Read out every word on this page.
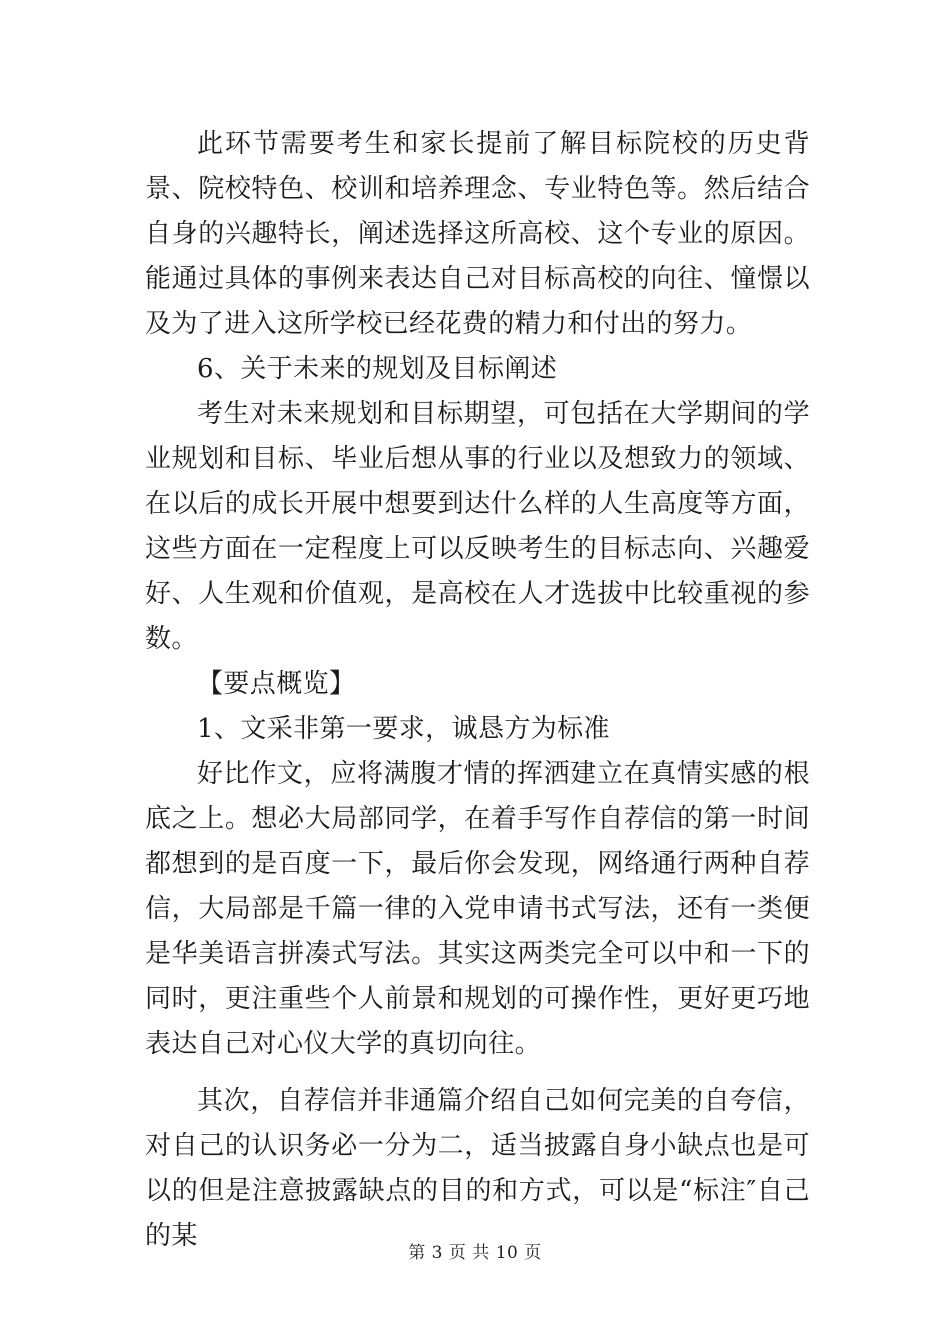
此环节需要考生和家长提前了解目标院校的历史背景、院校特色、校训和培养理念、专业特色等。然后结合自身的兴趣特长，阐述选择这所高校、这个专业的原因。能通过具体的事例来表达自己对目标高校的向往、憧憬以及为了进入这所学校已经花费的精力和付出的努力。

6、关于未来的规划及目标阐述

考生对未来规划和目标期望，可包括在大学期间的学业规划和目标、毕业后想从事的行业以及想致力的领域、在以后的成长开展中想要到达什么样的人生高度等方面，这些方面在一定程度上可以反映考生的目标志向、兴趣爱好、人生观和价值观，是高校在人才选拔中比较重视的参数。

【要点概览】

1、文采非第一要求，诚恳方为标准

好比作文，应将满腹才情的挥洒建立在真情实感的根底之上。想必大局部同学，在着手写作自荐信的第一时间都想到的是百度一下，最后你会发现，网络通行两种自荐信，大局部是千篇一律的入党申请书式写法，还有一类便是华美语言拼凑式写法。其实这两类完全可以中和一下的同时，更注重些个人前景和规划的可操作性，更好更巧地表达自己对心仪大学的真切向往。

其次，自荐信并非通篇介绍自己如何完美的自夸信，对自己的认识务必一分为二，适当披露自身小缺点也是可以的但是注意披露缺点的目的和方式，可以是“标注″自己的某

第 3 页 共 10 页
